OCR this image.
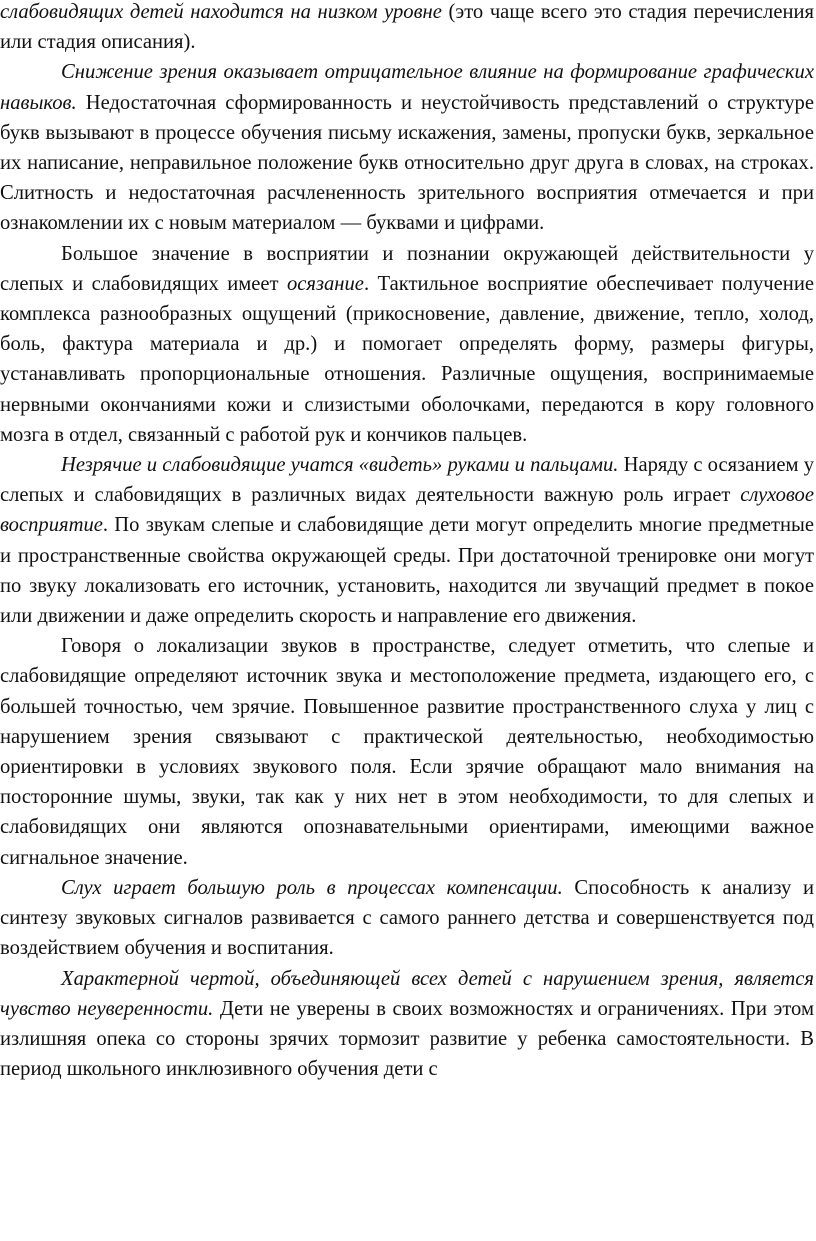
слабовидящих детей находится на низком уровне (это чаще всего это стадия перечисления или стадия описания).

Снижение зрения оказывает отрицательное влияние на формирование графических навыков. Недостаточная сформированность и неустойчивость представлений о структуре букв вызывают в процессе обучения письму искажения, замены, пропуски букв, зеркальное их написание, неправильное положение букв относительно друг друга в словах, на строках. Слитность и недостаточная расчлененность зрительного восприятия отмечается и при ознакомлении их с новым материалом — буквами и цифрами.

Большое значение в восприятии и познании окружающей действительности у слепых и слабовидящих имеет осязание. Тактильное восприятие обеспечивает получение комплекса разнообразных ощущений (прикосновение, давление, движение, тепло, холод, боль, фактура материала и др.) и помогает определять форму, размеры фигуры, устанавливать пропорциональные отношения. Различные ощущения, воспринимаемые нервными окончаниями кожи и слизистыми оболочками, передаются в кору головного мозга в отдел, связанный с работой рук и кончиков пальцев.

Незрячие и слабовидящие учатся «видеть» руками и пальцами. Наряду с осязанием у слепых и слабовидящих в различных видах деятельности важную роль играет слуховое восприятие. По звукам слепые и слабовидящие дети могут определить многие предметные и пространственные свойства окружающей среды. При достаточной тренировке они могут по звуку локализовать его источник, установить, находится ли звучащий предмет в покое или движении и даже определить скорость и направление его движения.

Говоря о локализации звуков в пространстве, следует отметить, что слепые и слабовидящие определяют источник звука и местоположение предмета, издающего его, с большей точностью, чем зрячие. Повышенное развитие пространственного слуха у лиц с нарушением зрения связывают с практической деятельностью, необходимостью ориентировки в условиях звукового поля. Если зрячие обращают мало внимания на посторонние шумы, звуки, так как у них нет в этом необходимости, то для слепых и слабовидящих они являются опознавательными ориентирами, имеющими важное сигнальное значение.

Слух играет большую роль в процессах компенсации. Способность к анализу и синтезу звуковых сигналов развивается с самого раннего детства и совершенствуется под воздействием обучения и воспитания.

Характерной чертой, объединяющей всех детей с нарушением зрения, является чувство неуверенности. Дети не уверены в своих возможностях и ограничениях. При этом излишняя опека со стороны зрячих тормозит развитие у ребенка самостоятельности. В период школьного инклюзивного обучения дети с
